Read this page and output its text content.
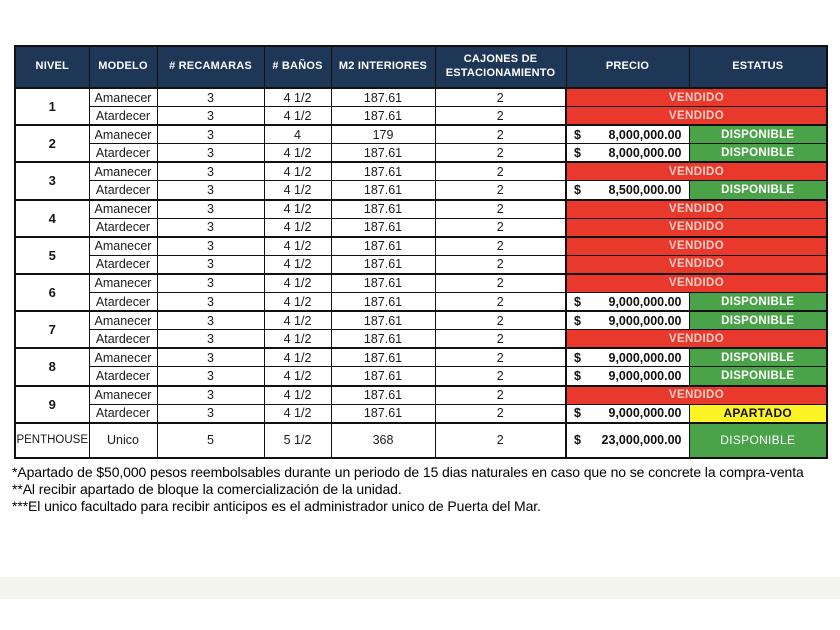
NIVEL	MODELO	# RECAMARAS	# BAÑOS	M2 INTERIORES	CAJONES DE ESTACIONAMIENTO	PRECIO	ESTATUS
1	Amanecer	3	4 1/2	187.61	2	VENDIDO	
	Atardecer	3	4 1/2	187.61	2	VENDIDO	
2	Amanecer	3	4	179	2	$ 8,000,000.00	DISPONIBLE
	Atardecer	3	4 1/2	187.61	2	$ 8,000,000.00	DISPONIBLE
3	Amanecer	3	4 1/2	187.61	2	VENDIDO	
	Atardecer	3	4 1/2	187.61	2	$ 8,500,000.00	DISPONIBLE
4	Amanecer	3	4 1/2	187.61	2	VENDIDO	
	Atardecer	3	4 1/2	187.61	2	VENDIDO	
5	Amanecer	3	4 1/2	187.61	2	VENDIDO	
	Atardecer	3	4 1/2	187.61	2	VENDIDO	
6	Amanecer	3	4 1/2	187.61	2	VENDIDO	
	Atardecer	3	4 1/2	187.61	2	$ 9,000,000.00	DISPONIBLE
7	Amanecer	3	4 1/2	187.61	2	$ 9,000,000.00	DISPONIBLE
	Atardecer	3	4 1/2	187.61	2	VENDIDO	
8	Amanecer	3	4 1/2	187.61	2	$ 9,000,000.00	DISPONIBLE
	Atardecer	3	4 1/2	187.61	2	$ 9,000,000.00	DISPONIBLE
9	Amanecer	3	4 1/2	187.61	2	VENDIDO	
	Atardecer	3	4 1/2	187.61	2	$ 9,000,000.00	APARTADO
PENTHOUSE	Unico	5	5 1/2	368	2	$ 23,000,000.00	DISPONIBLE
*Apartado de $50,000 pesos reembolsables durante un periodo de 15 dias naturales en caso que no se concrete la compra-venta
**Al recibir apartado de bloque la comercialización de la unidad.
***El unico facultado para recibir anticipos es el administrador unico de Puerta del Mar.
